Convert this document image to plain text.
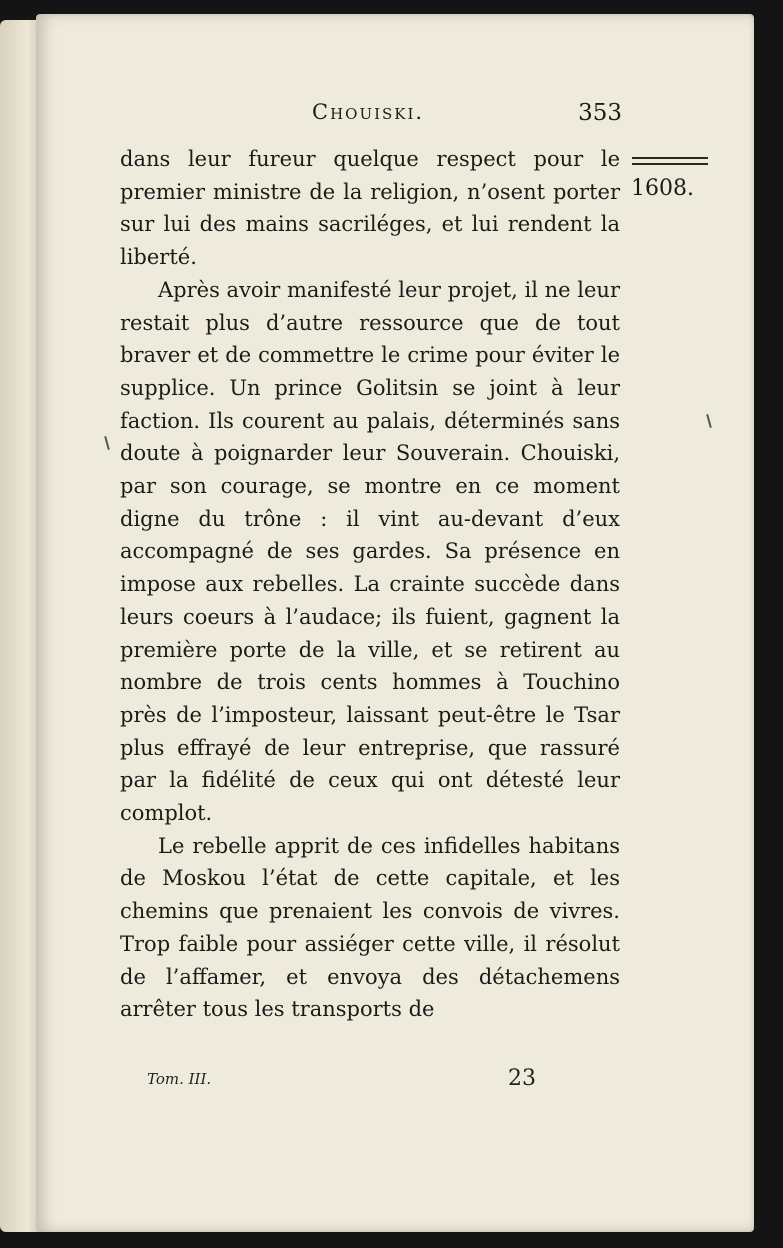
Chouiski.	353
1608.

dans leur fureur quelque respect pour le premier ministre de la religion, n’osent porter sur lui des mains sacriléges, et lui rendent la liberté.

Après avoir manifesté leur projet, il ne leur restait plus d’autre ressource que de tout braver et de commettre le crime pour éviter le supplice. Un prince Golitsin se joint à leur faction. Ils courent au palais, déterminés sans doute à poignarder leur Souverain. Chouiski, par son courage, se montre en ce moment digne du trône : il vint au-devant d’eux accompagné de ses gardes. Sa présence en impose aux rebelles. La crainte succède dans leurs coeurs à l’audace; ils fuient, gagnent la première porte de la ville, et se retirent au nombre de trois cents hommes à Touchino près de l’imposteur, laissant peut-être le Tsar plus effrayé de leur entreprise, que rassuré par la fidélité de ceux qui ont détesté leur complot.

Le rebelle apprit de ces infidelles habitans de Moskou l’état de cette capitale, et les chemins que prenaient les convois de vivres. Trop faible pour assiéger cette ville, il résolut de l’affamer, et envoya des détachemens arrêter tous les transports de

Tom. III.	23
